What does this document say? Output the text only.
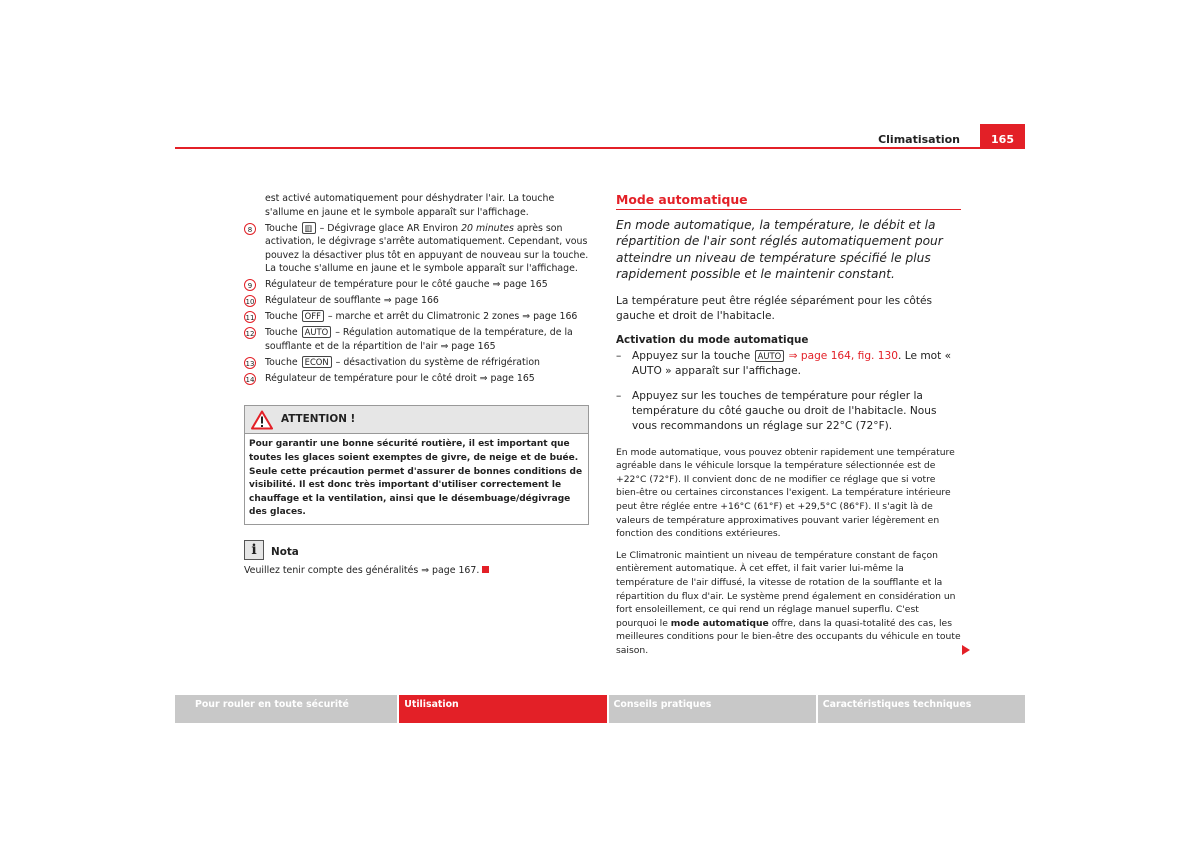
Climatisation	165

est activé automatiquement pour déshydrater l'air. La touche s'allume en jaune et le symbole apparaît sur l'affichage.

8	Touche ▥ – Dégivrage glace AR Environ 20 minutes après son activation, le dégivrage s'arrête automatiquement. Cependant, vous pouvez la désactiver plus tôt en appuyant de nouveau sur la touche. La touche s'allume en jaune et le symbole apparaît sur l'affichage.
9	Régulateur de température pour le côté gauche ⇒ page 165
10 Régulateur de soufflante ⇒ page 166
11 Touche OFF – marche et arrêt du Climatronic 2 zones ⇒ page 166
12 Touche AUTO – Régulation automatique de la température, de la soufflante et de la répartition de l'air ⇒ page 165
13 Touche ECON – désactivation du système de réfrigération
14 Régulateur de température pour le côté droit ⇒ page 165
ATTENTION !
Pour garantir une bonne sécurité routière, il est important que toutes les glaces soient exemptes de givre, de neige et de buée. Seule cette précaution permet d'assurer de bonnes conditions de visibilité. Il est donc très important d'utiliser correctement le chauffage et la ventilation, ainsi que le désembuage/dégivrage des glaces.
i	Nota
Veuillez tenir compte des généralités ⇒ page 167.
Mode automatique

En mode automatique, la température, le débit et la répartition de l'air sont réglés automatiquement pour atteindre un niveau de température spécifié le plus rapidement possible et le maintenir constant.

La température peut être réglée séparément pour les côtés gauche et droit de l'habitacle.

Activation du mode automatique

– Appuyez sur la touche AUTO ⇒ page 164, fig. 130. Le mot « AUTO » apparaît sur l'affichage.
– Appuyez sur les touches de température pour régler la température du côté gauche ou droit de l'habitacle. Nous vous recommandons un réglage sur 22°C (72°F).

En mode automatique, vous pouvez obtenir rapidement une température agréable dans le véhicule lorsque la température sélectionnée est de +22°C (72°F). Il convient donc de ne modifier ce réglage que si votre bien-être ou certaines circonstances l'exigent. La température intérieure peut être réglée entre +16°C (61°F) et +29,5°C (86°F). Il s'agit là de valeurs de température approximatives pouvant varier légèrement en fonction des conditions extérieures.

Le Climatronic maintient un niveau de température constant de façon entièrement automatique. À cet effet, il fait varier lui-même la température de l'air diffusé, la vitesse de rotation de la soufflante et la répartition du flux d'air. Le système prend également en considération un fort ensoleillement, ce qui rend un réglage manuel superflu. C'est pourquoi le mode automatique offre, dans la quasi-totalité des cas, les meilleures conditions pour le bien-être des occupants du véhicule en toute saison.

Pour rouler en toute sécurité	Utilisation	Conseils pratiques	Caractéristiques techniques
